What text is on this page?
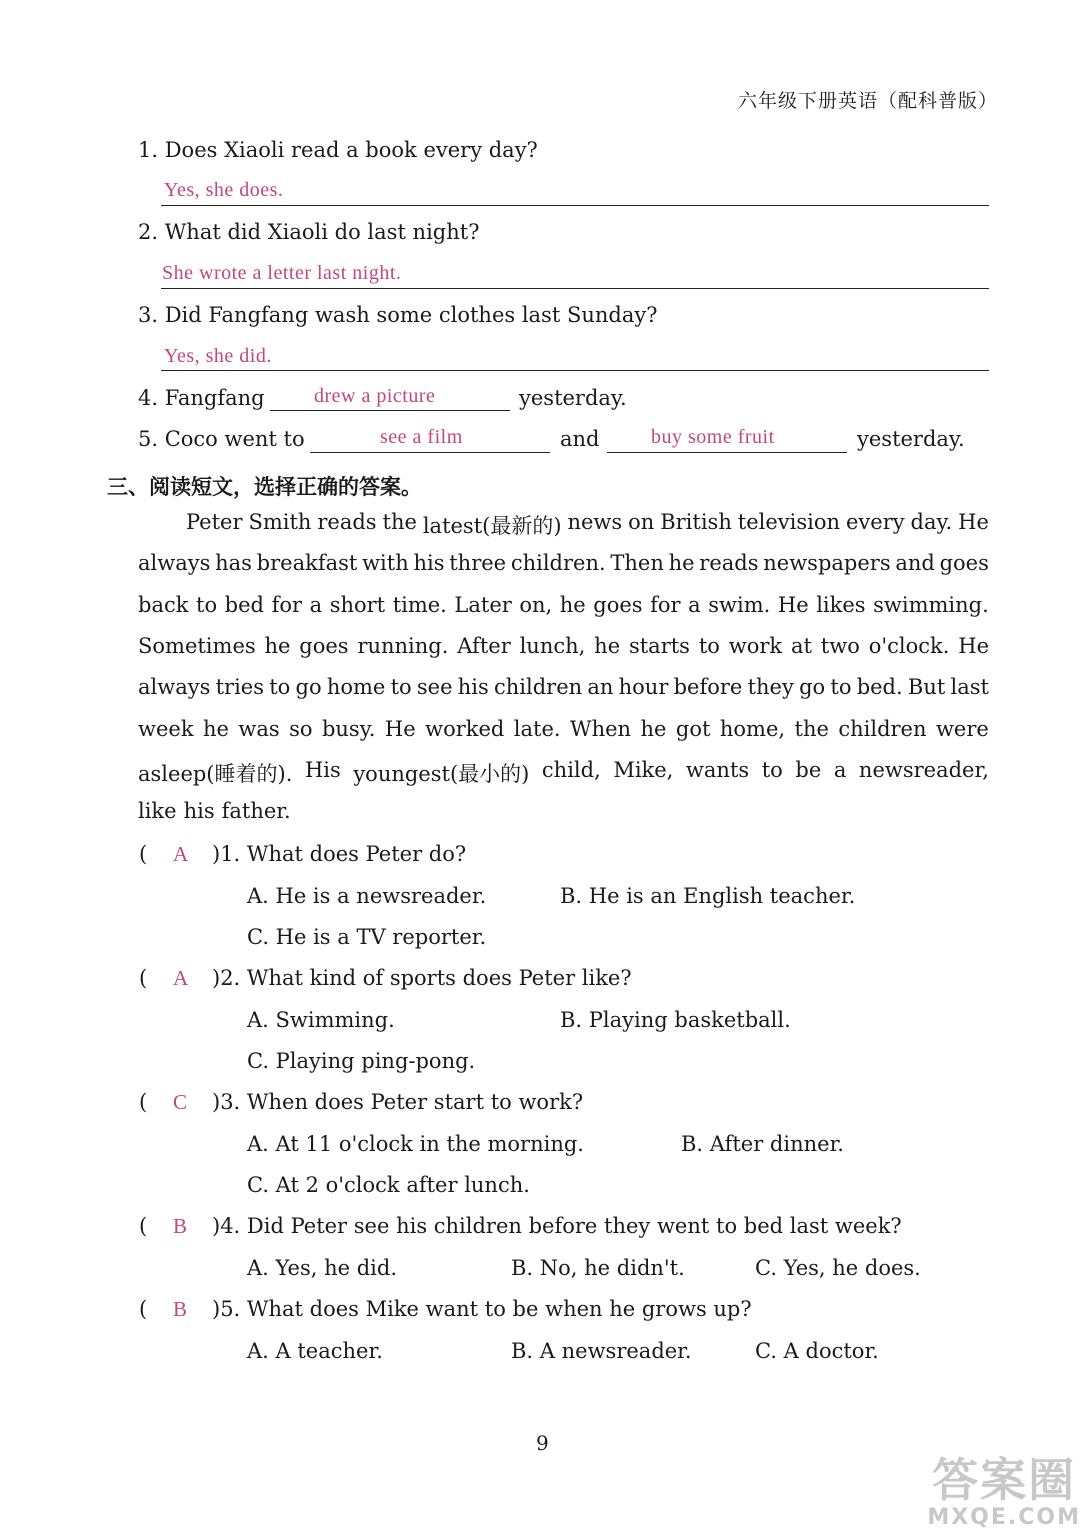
六年级下册英语（配科普版）
1. Does Xiaoli read a book every day?
Yes, she does.
2. What did Xiaoli do last night?
She wrote a letter last night.
3. Did Fangfang wash some clothes last Sunday?
Yes, she did.
4. Fangfang drew a picture	yesterday.
5. Coco went to	see a film	and	buy some fruit	yesterday.
三、阅读短文，选择正确的答案。
Peter Smith reads the latest(最新的) news on British television every day. He
always has breakfast with his three children. Then he reads newspapers and goes
back to bed for a short time. Later on, he goes for a swim. He likes swimming.
Sometimes he goes running. After lunch, he starts to work at two o'clock. He
always tries to go home to see his children an hour before they go to bed. But last
week he was so busy. He worked late. When he got home, the children were
asleep(睡着的). His youngest(最小的) child, Mike, wants to be a newsreader,
like his father.
( A )1. What does Peter do?
A. He is a newsreader.	B. He is an English teacher.
C. He is a TV reporter.
( A )2. What kind of sports does Peter like?
A. Swimming.	B. Playing basketball.
C. Playing ping-pong.
( C )3. When does Peter start to work?
A. At 11 o'clock in the morning.	B. After dinner.
C. At 2 o'clock after lunch.
( B )4. Did Peter see his children before they went to bed last week?
A. Yes, he did.	B. No, he didn't.	C. Yes, he does.
( B )5. What does Mike want to be when he grows up?
A. A teacher.	B. A newsreader.	C. A doctor.
9
答案圈
MXQE.COM
